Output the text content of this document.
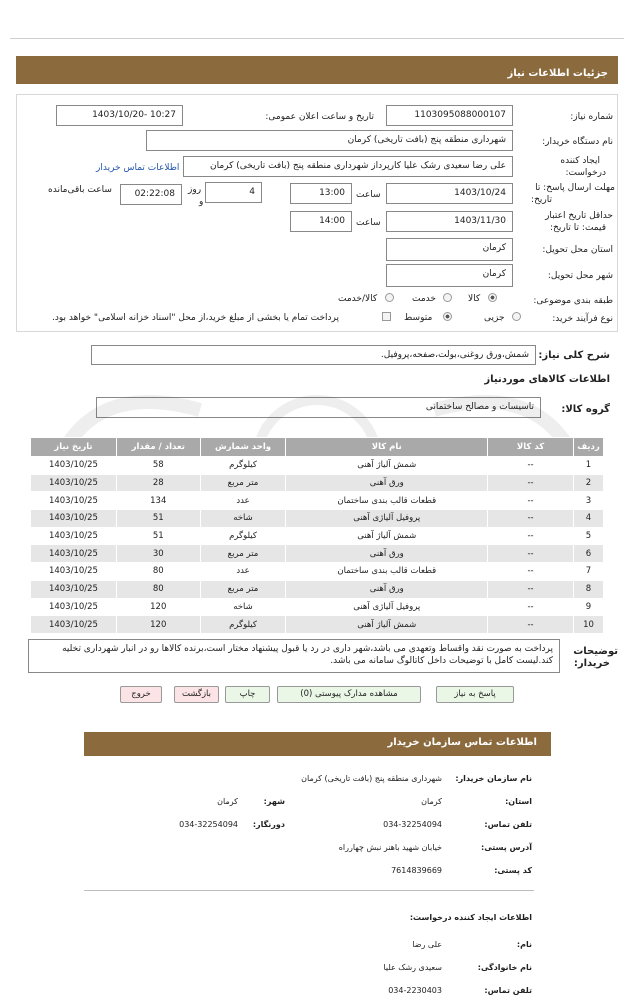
جزئیات اطلاعات نیاز
شماره نیاز:
1103095088000107
تاریخ و ساعت اعلان عمومی:
1403/10/20- 10:27
نام دستگاه خریدار:
شهرداری منطقه پنج (بافت تاریخی) کرمان
ایجاد کننده
درخواست:
علی رضا سعیدی رشک علیا کارپرداز شهرداری منطقه پنج (بافت تاریخی) کرمان
اطلاعات تماس خریدار
مهلت ارسال پاسخ: تا
تاریخ:
1403/10/24
ساعت
13:00
4
روز
و
02:22:08
ساعت باقی‌مانده
حداقل تاریخ اعتبار
قیمت: تا تاریخ:
1403/11/30
ساعت
14:00
استان محل تحویل:
کرمان
شهر محل تحویل:
کرمان
طبقه بندی موضوعی:
کالا
خدمت
کالا/خدمت
نوع فرآیند خرید:
جزیی
متوسط
پرداخت تمام یا بخشی از مبلغ خرید،از محل "اسناد خزانه اسلامی" خواهد بود.
شرح کلی نیاز:
شمش،ورق روغنی،بولت،صفحه،پروفیل.
اطلاعات کالاهای موردنیاز
گروه کالا:
تاسیسات و مصالح ساختمانی
ردیف	کد کالا	نام کالا	واحد شمارش	تعداد / مقدار	تاریخ نیاز
1	--	شمش آلیاژ آهنی	کیلوگرم	58	1403/10/25
2	--	ورق آهنی	متر مربع	28	1403/10/25
3	--	قطعات قالب بندی ساختمان	عدد	134	1403/10/25
4	--	پروفیل آلیاژی آهنی	شاخه	51	1403/10/25
5	--	شمش آلیاژ آهنی	کیلوگرم	51	1403/10/25
6	--	ورق آهنی	متر مربع	30	1403/10/25
7	--	قطعات قالب بندی ساختمان	عدد	80	1403/10/25
8	--	ورق آهنی	متر مربع	80	1403/10/25
9	--	پروفیل آلیاژی آهنی	شاخه	120	1403/10/25
10	--	شمش آلیاژ آهنی	کیلوگرم	120	1403/10/25
توضیحات
خریدار:
پرداخت به صورت نقد واقساط وتعهدی می باشد،شهر داری در رد یا قبول پیشنهاد مختار است،برنده کالاها رو در انبار شهرداری تخلیه کند.لیست کامل با توضیحات داخل کاتالوگ سامانه می باشد.
پاسخ به نیاز
مشاهده مدارک پیوستی (0)
چاپ
بازگشت
خروج
اطلاعات تماس سازمان خریدار
نام سازمان خریدار:
شهرداری منطقه پنج (بافت تاریخی) کرمان
استان:
کرمان
شهر:
کرمان
تلفن تماس:
034-32254094
دورنگار:
034-32254094
آدرس پستی:
خیابان شهید باهنر نبش چهارراه
کد پستی:
7614839669
اطلاعات ایجاد کننده درخواست:
نام:
علی رضا
نام خانوادگی:
سعیدی رشک علیا
تلفن تماس:
034-2230403
